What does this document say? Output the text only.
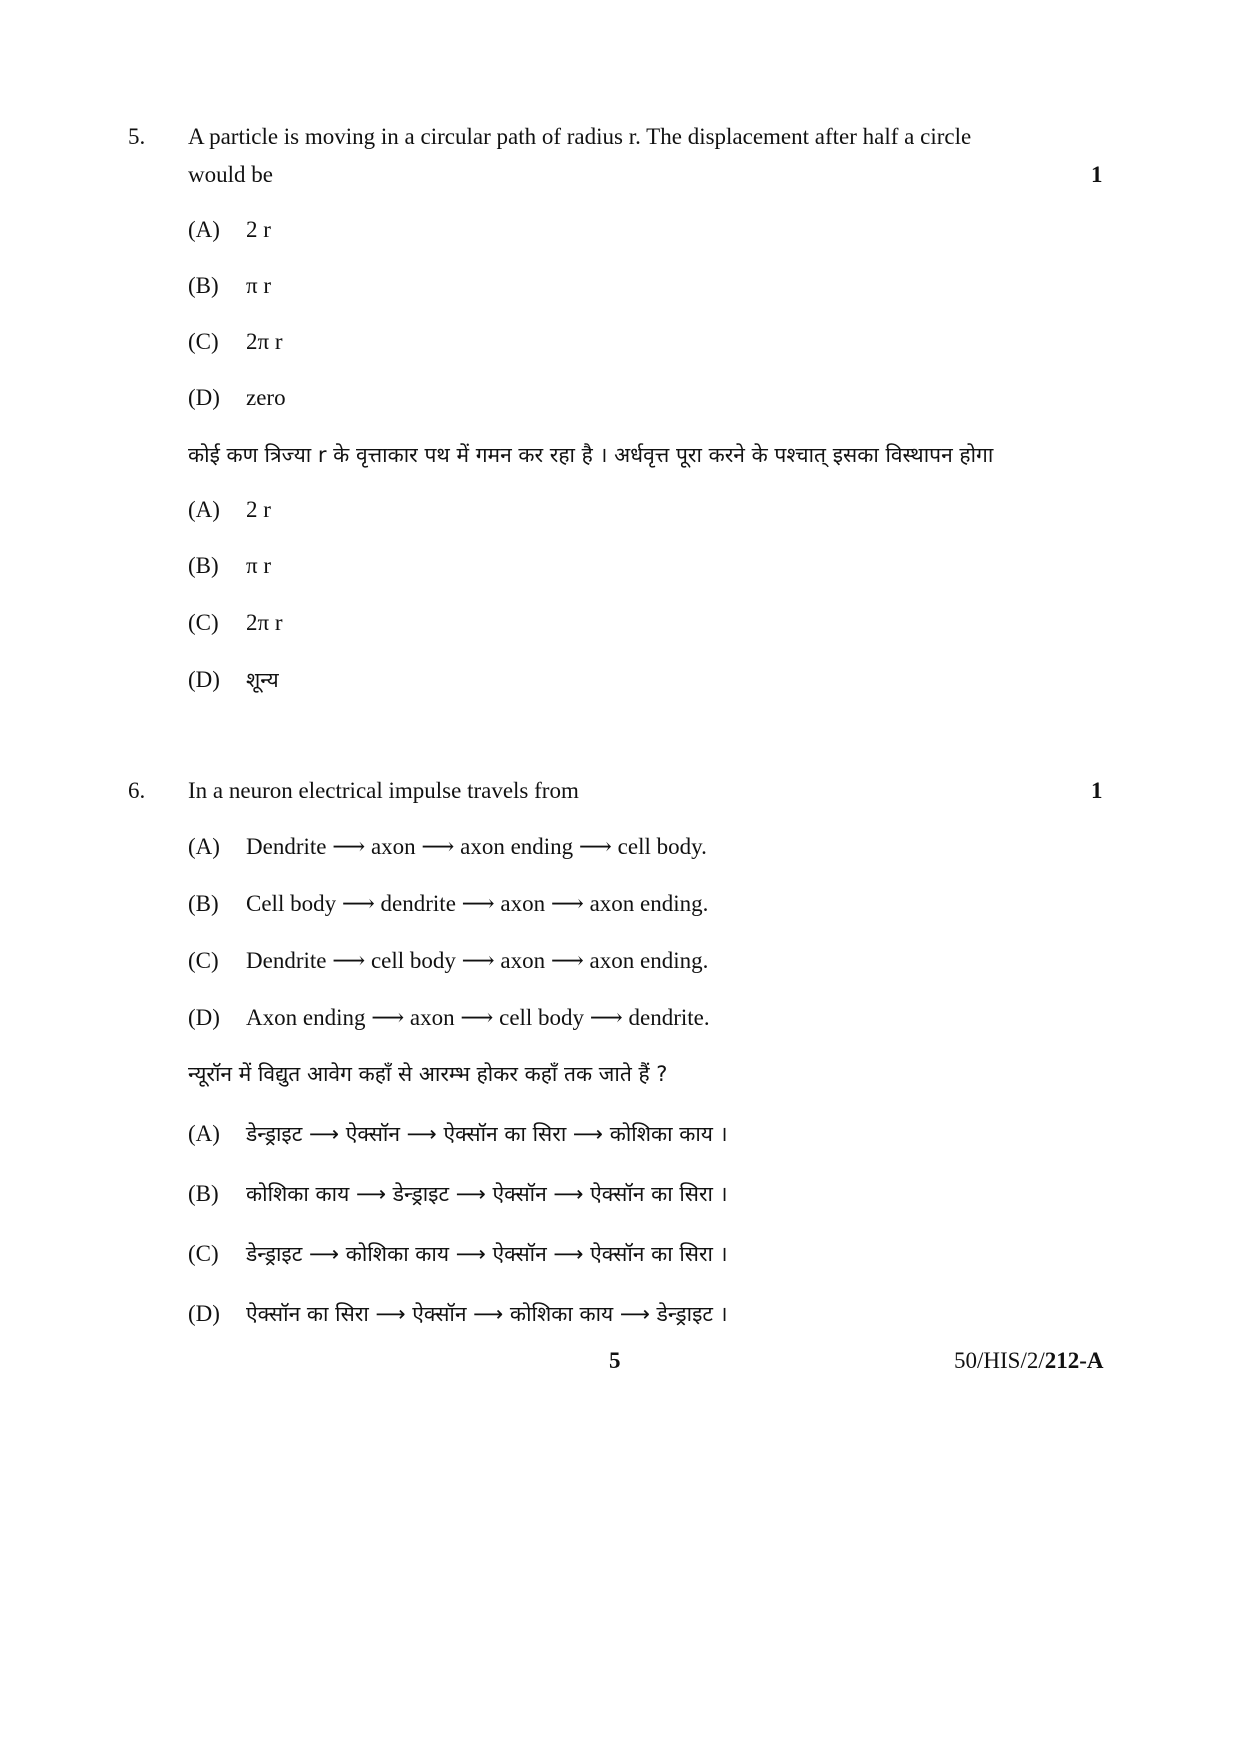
5. A particle is moving in a circular path of radius r. The displacement after half a circle
would be	1
(A) 2 r
(B) π r
(C) 2π r
(D) zero
कोई कण त्रिज्या r के वृत्ताकार पथ में गमन कर रहा है । अर्धवृत्त पूरा करने के पश्चात् इसका विस्थापन होगा
(A) 2 r
(B) π r
(C) 2π r
(D) शून्य
6. In a neuron electrical impulse travels from	1
(A) Dendrite ⟶ axon ⟶ axon ending ⟶ cell body.
(B) Cell body ⟶ dendrite ⟶ axon ⟶ axon ending.
(C) Dendrite ⟶ cell body ⟶ axon ⟶ axon ending.
(D) Axon ending ⟶ axon ⟶ cell body ⟶ dendrite.
न्यूरॉन में विद्युत आवेग कहाँ से आरम्भ होकर कहाँ तक जाते हैं ?
(A) डेन्ड्राइट ⟶ ऐक्सॉन ⟶ ऐक्सॉन का सिरा ⟶ कोशिका काय ।
(B) कोशिका काय ⟶ डेन्ड्राइट ⟶ ऐक्सॉन ⟶ ऐक्सॉन का सिरा ।
(C) डेन्ड्राइट ⟶ कोशिका काय ⟶ ऐक्सॉन ⟶ ऐक्सॉन का सिरा ।
(D) ऐक्सॉन का सिरा ⟶ ऐक्सॉन ⟶ कोशिका काय ⟶ डेन्ड्राइट ।
5	50/HIS/2/212-A
